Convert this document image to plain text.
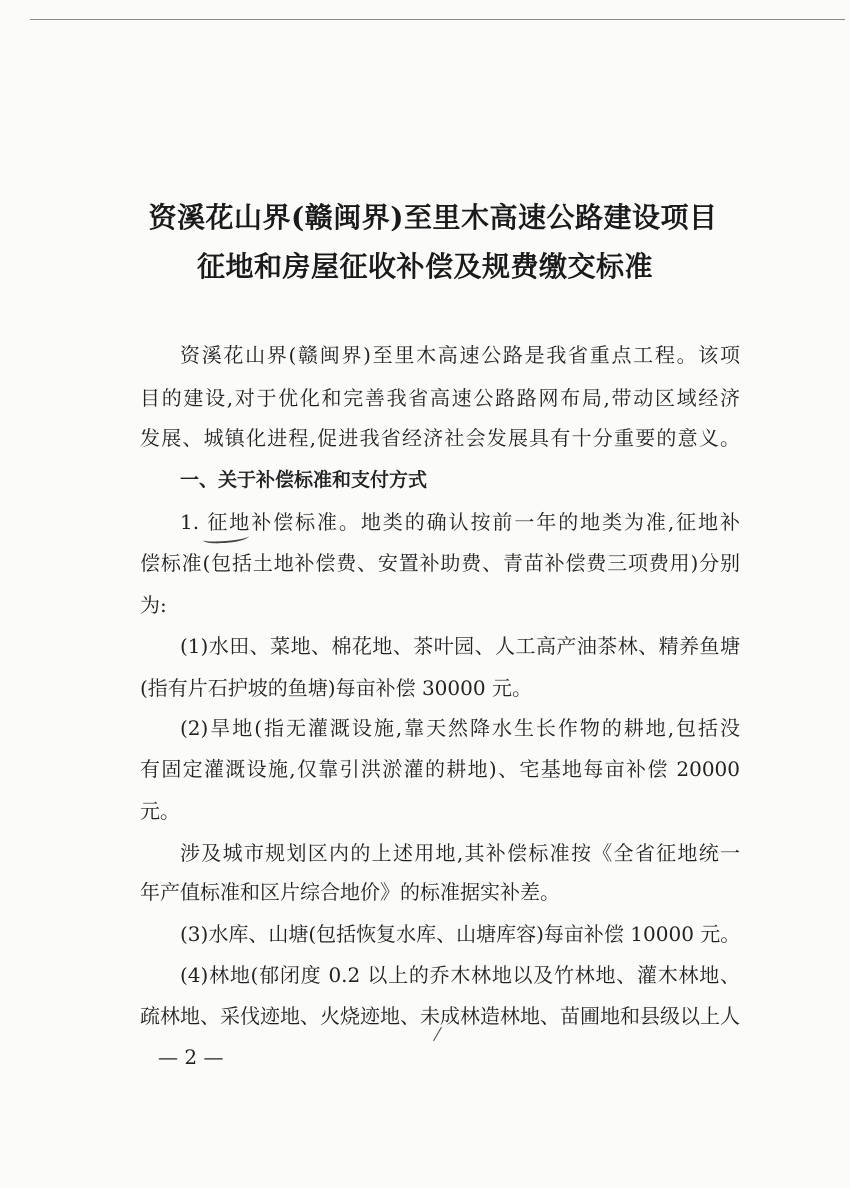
资溪花山界(赣闽界)至里木高速公路建设项目
征地和房屋征收补偿及规费缴交标准
资溪花山界(赣闽界)至里木高速公路是我省重点工程。该项
目的建设,对于优化和完善我省高速公路路网布局,带动区域经济
发展、城镇化进程,促进我省经济社会发展具有十分重要的意义。
一、关于补偿标准和支付方式
1. 征地补偿标准。地类的确认按前一年的地类为准,征地补
偿标准(包括土地补偿费、安置补助费、青苗补偿费三项费用)分别
为:
(1)水田、菜地、棉花地、茶叶园、人工高产油茶林、精养鱼塘
(指有片石护坡的鱼塘)每亩补偿 30000 元。
(2)旱地(指无灌溉设施,靠天然降水生长作物的耕地,包括没
有固定灌溉设施,仅靠引洪淤灌的耕地)、宅基地每亩补偿 20000
元。
涉及城市规划区内的上述用地,其补偿标准按《全省征地统一
年产值标准和区片综合地价》的标准据实补差。
(3)水库、山塘(包括恢复水库、山塘库容)每亩补偿 10000 元。
(4)林地(郁闭度 0.2 以上的乔木林地以及竹林地、灌木林地、
疏林地、采伐迹地、火烧迹地、未成林造林地、苗圃地和县级以上人
— 2 —
